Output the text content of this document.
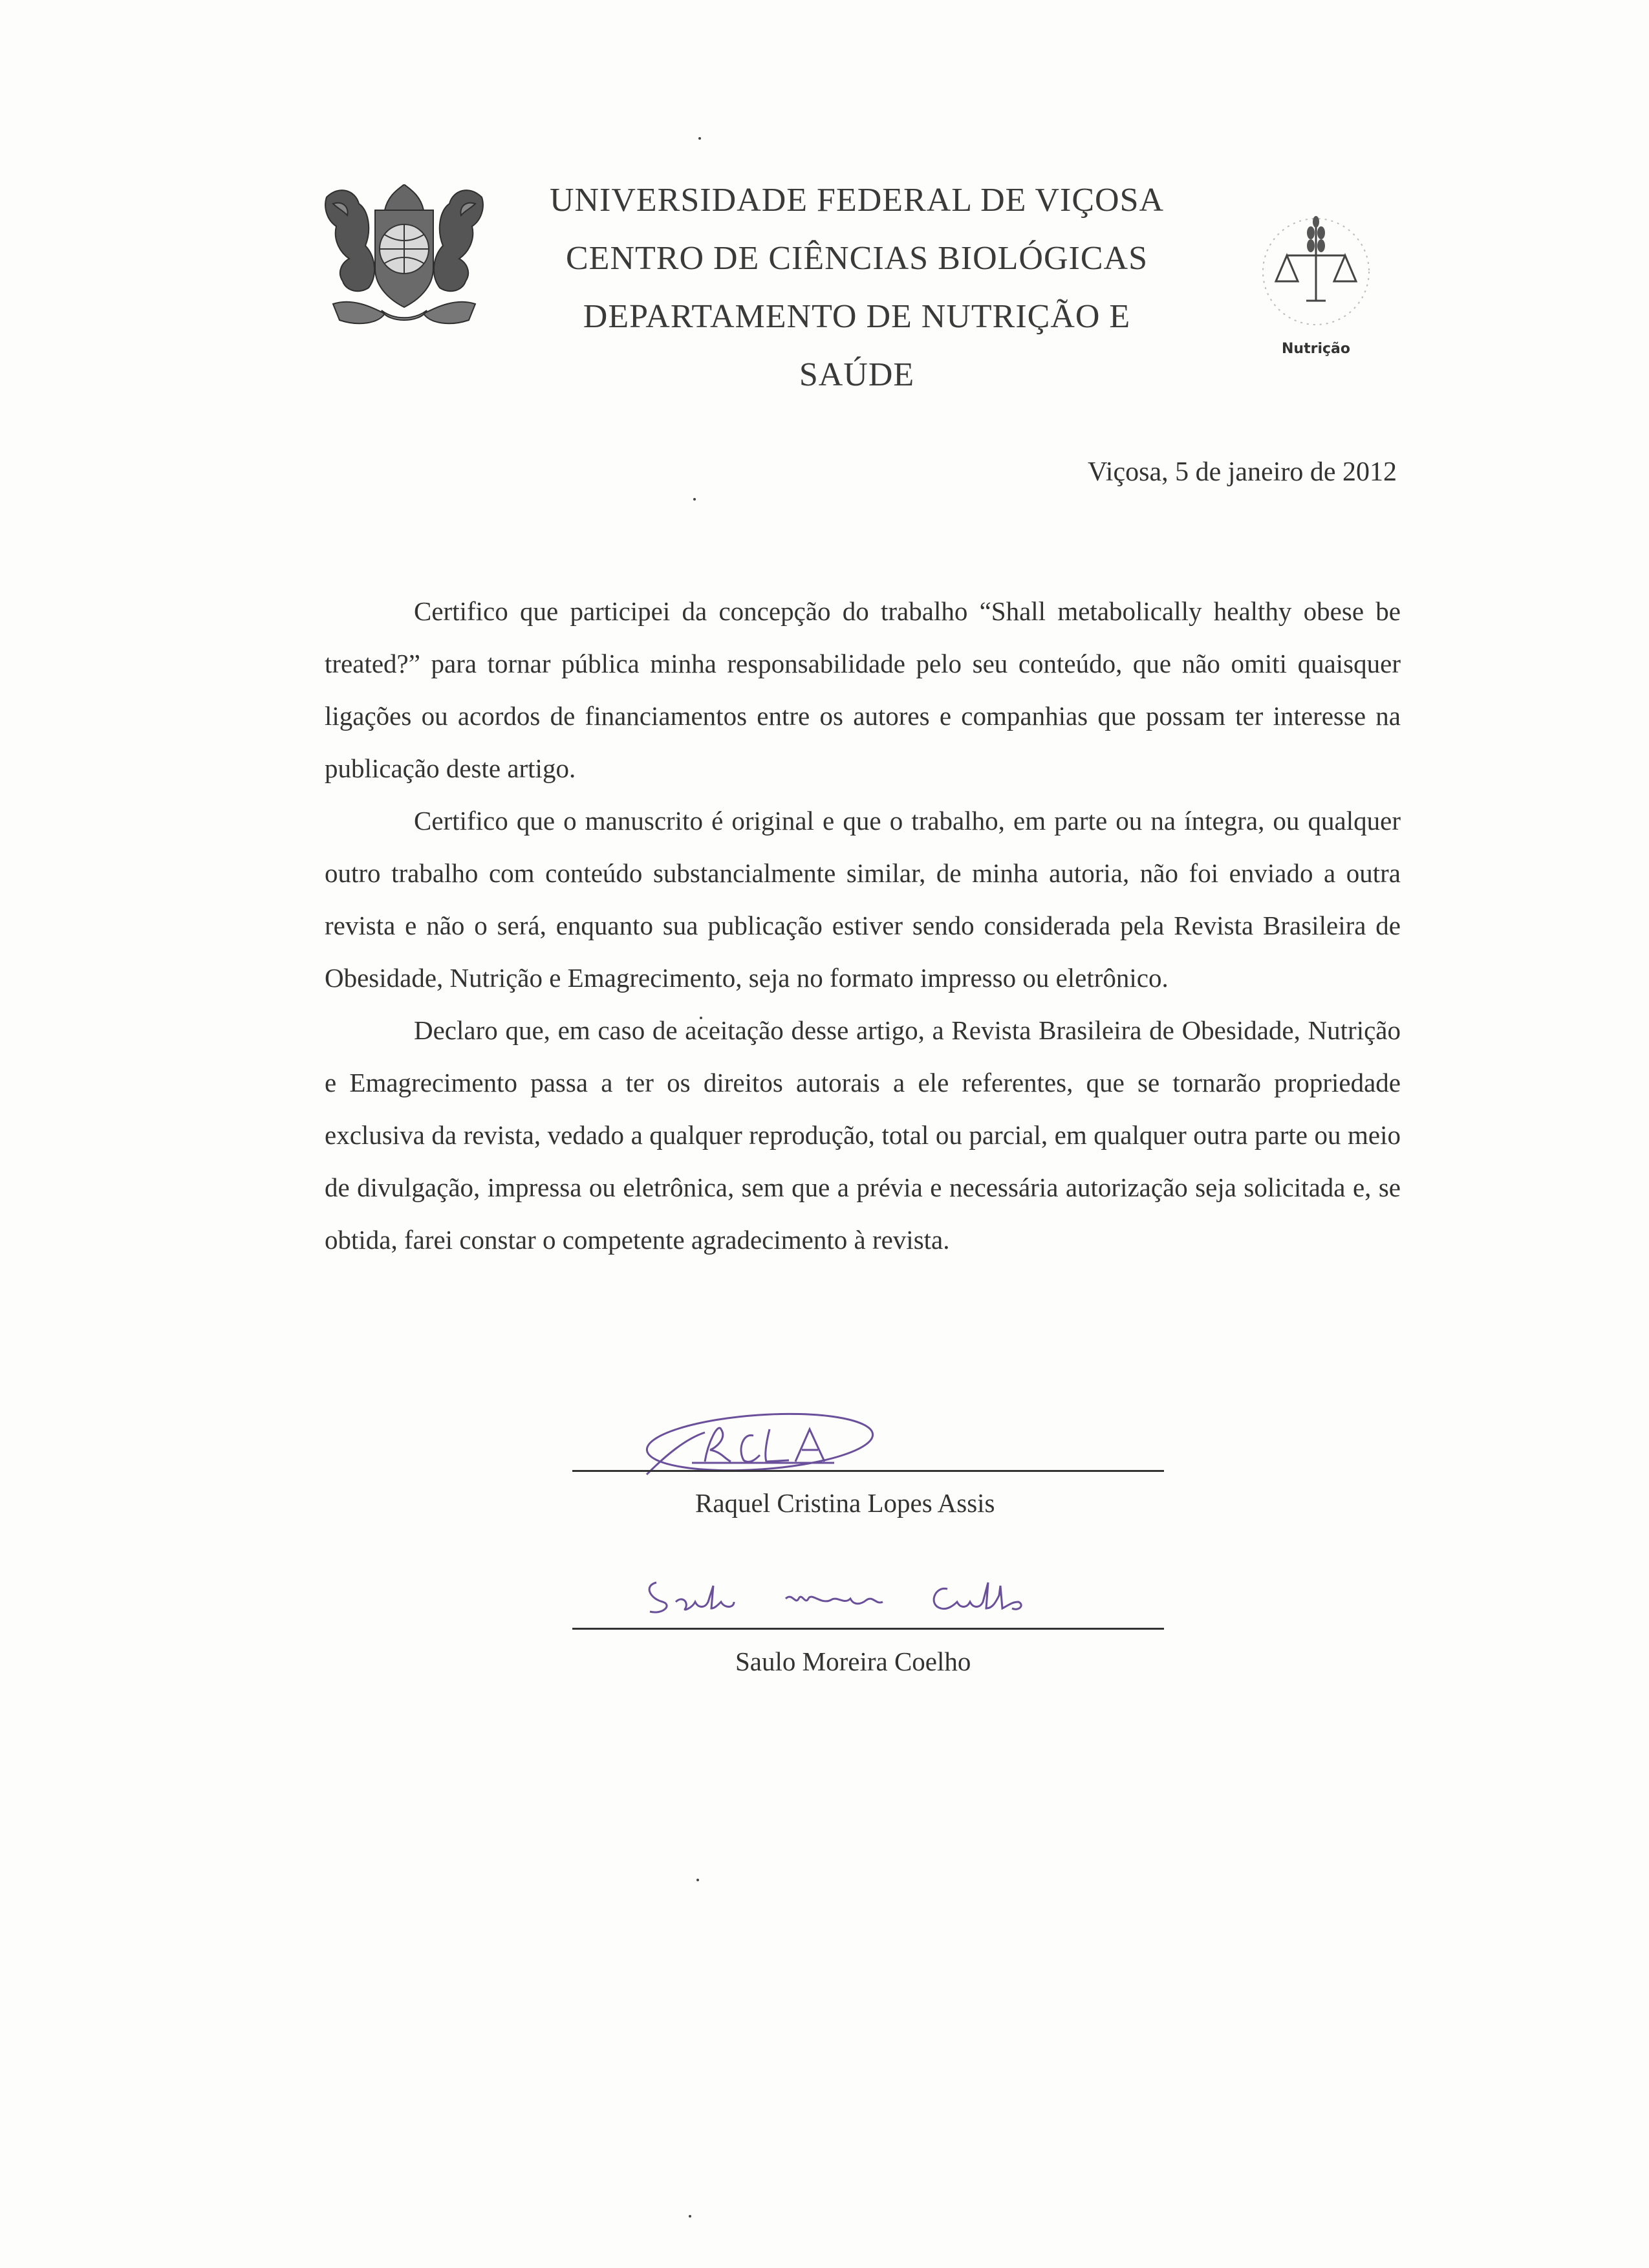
UNIVERSIDADE FEDERAL DE VIÇOSA
CENTRO DE CIÊNCIAS BIOLÓGICAS
DEPARTAMENTO DE NUTRIÇÃO E
SAÚDE
Nutrição
Viçosa, 5 de janeiro de 2012

Certifico que participei da concepção do trabalho “Shall metabolically healthy obese be treated?” para tornar pública minha responsabilidade pelo seu conteúdo, que não omiti quaisquer ligações ou acordos de financiamentos entre os autores e companhias que possam ter interesse na publicação deste artigo.

Certifico que o manuscrito é original e que o trabalho, em parte ou na íntegra, ou qualquer outro trabalho com conteúdo substancialmente similar, de minha autoria, não foi enviado a outra revista e não o será, enquanto sua publicação estiver sendo considerada pela Revista Brasileira de Obesidade, Nutrição e Emagrecimento, seja no formato impresso ou eletrônico.

Declaro que, em caso de aceitação desse artigo, a Revista Brasileira de Obesidade, Nutrição e Emagrecimento passa a ter os direitos autorais a ele referentes, que se tornarão propriedade exclusiva da revista, vedado a qualquer reprodução, total ou parcial, em qualquer outra parte ou meio de divulgação, impressa ou eletrônica, sem que a prévia e necessária autorização seja solicitada e, se obtida, farei constar o competente agradecimento à revista.

Raquel Cristina Lopes Assis
Saulo Moreira Coelho
